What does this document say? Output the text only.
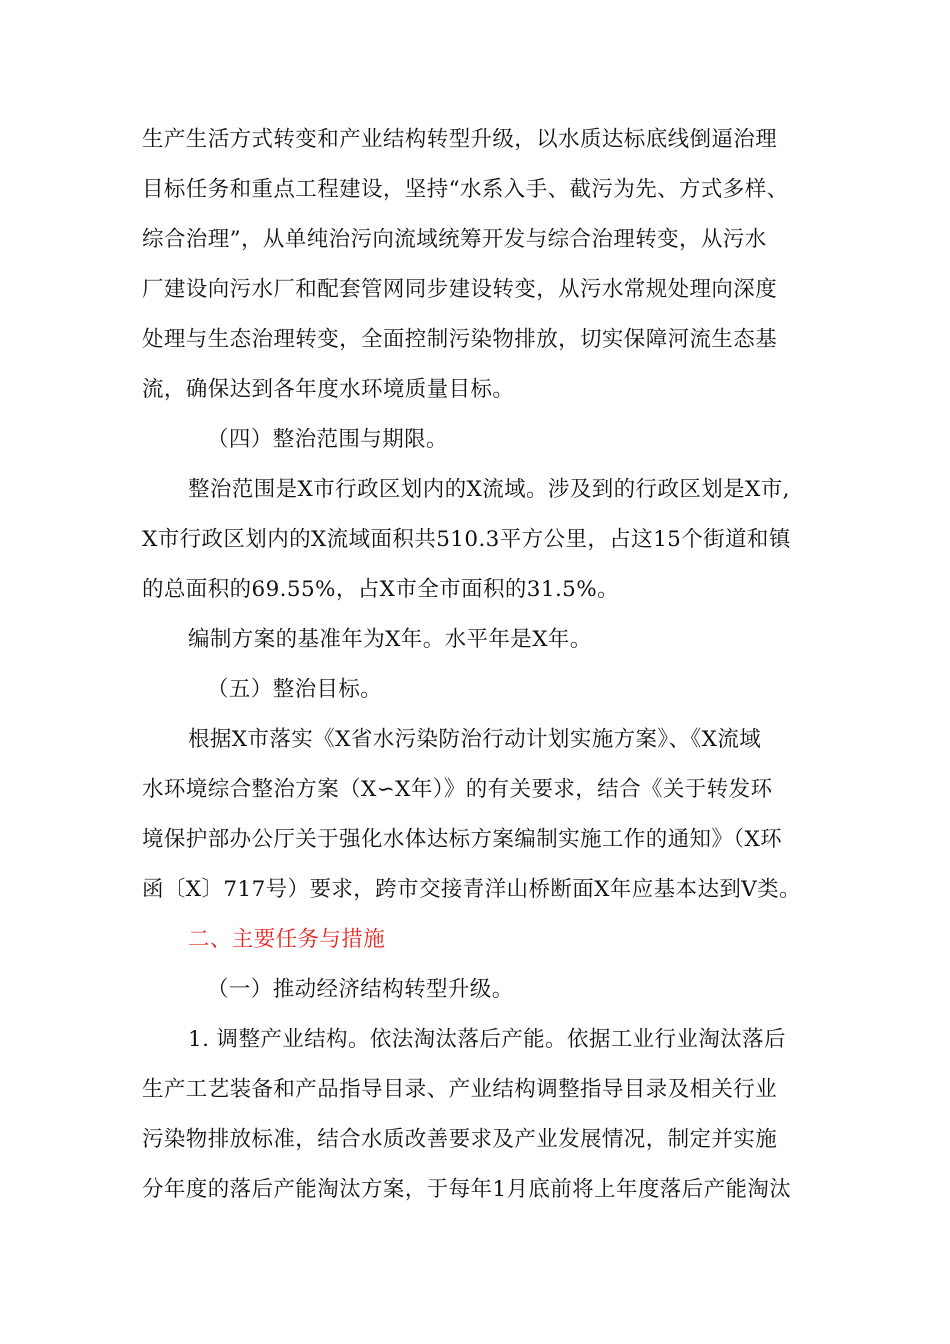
生产生活方式转变和产业结构转型升级，以水质达标底线倒逼治理
目标任务和重点工程建设，坚持“水系入手、截污为先、方式多样、
综合治理”，从单纯治污向流域统筹开发与综合治理转变，从污水
厂建设向污水厂和配套管网同步建设转变，从污水常规处理向深度
处理与生态治理转变，全面控制污染物排放，切实保障河流生态基
流，确保达到各年度水环境质量目标。
（四）整治范围与期限。
整治范围是X市行政区划内的X流域。涉及到的行政区划是X市,
X市行政区划内的X流域面积共510.3平方公里，占这15个街道和镇
的总面积的69.55%，占X市全市面积的31.5%。
编制方案的基准年为X年。水平年是X年。
（五）整治目标。
根据X市落实《X省水污染防治行动计划实施方案》、《X流域
水环境综合整治方案（X∽X年）》的有关要求，结合《关于转发环
境保护部办公厅关于强化水体达标方案编制实施工作的通知》（X环
函〔X〕717号）要求，跨市交接青洋山桥断面X年应基本达到V类。
二、主要任务与措施
（一）推动经济结构转型升级。
1. 调整产业结构。依法淘汰落后产能。依据工业行业淘汰落后
生产工艺装备和产品指导目录、产业结构调整指导目录及相关行业
污染物排放标准，结合水质改善要求及产业发展情况，制定并实施
分年度的落后产能淘汰方案，于每年1月底前将上年度落后产能淘汰
